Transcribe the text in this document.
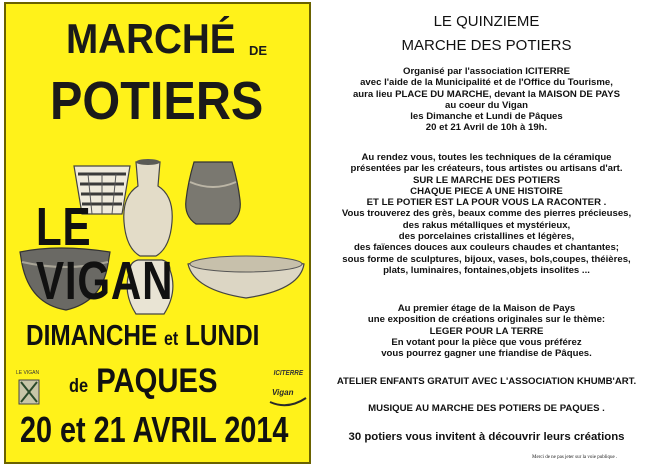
MARCHÉ	DE
POTIERS
LE VIGAN
DIMANCHE et LUNDI
de PAQUES
20 et 21 AVRIL 2014
LE VIGAN	ICITERRE
Vigan
LE QUINZIEME
MARCHE DES POTIERS
Organisé par l'association ICITERRE
avec l'aide de la Municipalité et de l'Office du Tourisme,
aura lieu PLACE DU MARCHE, devant la MAISON DE PAYS
au coeur du Vigan
les Dimanche et Lundi de Pâques
20 et 21 Avril de 10h à 19h.
Au rendez vous, toutes les techniques de la céramique
présentées par les créateurs, tous artistes ou artisans d'art.
SUR LE MARCHE DES POTIERS
CHAQUE PIECE A UNE HISTOIRE
ET LE POTIER EST LA POUR VOUS LA RACONTER .
Vous trouverez des grès, beaux comme des pierres précieuses,
des rakus métalliques et mystérieux,
des porcelaines cristallines et légères,
des faïences douces aux couleurs chaudes et chantantes;
sous forme de sculptures, bijoux, vases, bols,coupes, théières,
plats, luminaires, fontaines,objets insolites ...
Au premier étage de la Maison de Pays
une exposition de créations originales sur le thème:
LEGER POUR LA TERRE
En votant pour la pièce que vous préférez
vous pourrez gagner une friandise de Pâques.
ATELIER ENFANTS GRATUIT AVEC L'ASSOCIATION KHUMB'ART.
MUSIQUE AU MARCHE DES POTIERS DE PAQUES .
30 potiers vous invitent à découvrir leurs créations
Merci de ne pas jeter sur la voie publique .
